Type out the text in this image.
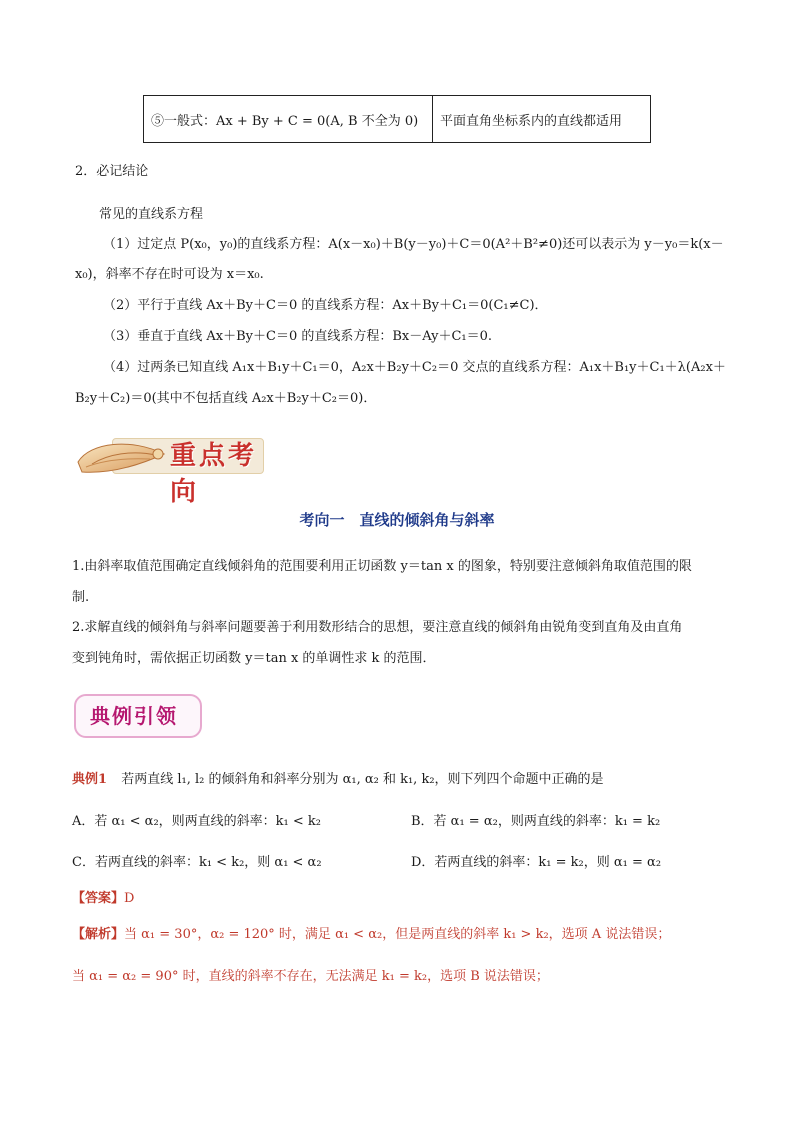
⑤一般式：Ax + By + C = 0(A, B 不全为 0)	平面直角坐标系内的直线都适用
2．必记结论
常见的直线系方程
（1）过定点 P(x₀，y₀)的直线系方程：A(x－x₀)＋B(y－y₀)＋C＝0(A²＋B²≠0)还可以表示为 y－y₀＝k(x－
x₀)，斜率不存在时可设为 x＝x₀.
（2）平行于直线 Ax＋By＋C＝0 的直线系方程：Ax＋By＋C₁＝0(C₁≠C)．
（3）垂直于直线 Ax＋By＋C＝0 的直线系方程：Bx－Ay＋C₁＝0.
（4）过两条已知直线 A₁x＋B₁y＋C₁＝0，A₂x＋B₂y＋C₂＝0 交点的直线系方程：A₁x＋B₁y＋C₁＋λ(A₂x＋
B₂y＋C₂)＝0(其中不包括直线 A₂x＋B₂y＋C₂＝0)．
重点考向
考向一　直线的倾斜角与斜率
1.由斜率取值范围确定直线倾斜角的范围要利用正切函数 y＝tan x 的图象，特别要注意倾斜角取值范围的限
制.
2.求解直线的倾斜角与斜率问题要善于利用数形结合的思想，要注意直线的倾斜角由锐角变到直角及由直角
变到钝角时，需依据正切函数 y＝tan x 的单调性求 k 的范围．
典例引领
典例1 若两直线 l₁, l₂ 的倾斜角和斜率分别为 α₁, α₂ 和 k₁, k₂，则下列四个命题中正确的是
A．若 α₁ < α₂，则两直线的斜率：k₁ < k₂	B．若 α₁ = α₂，则两直线的斜率：k₁ = k₂
C．若两直线的斜率：k₁ < k₂，则 α₁ < α₂	D．若两直线的斜率：k₁ = k₂，则 α₁ = α₂
【答案】D
【解析】当 α₁ = 30°，α₂ = 120° 时，满足 α₁ < α₂，但是两直线的斜率 k₁ > k₂，选项 A 说法错误；
当 α₁ = α₂ = 90° 时，直线的斜率不存在，无法满足 k₁ = k₂，选项 B 说法错误；
